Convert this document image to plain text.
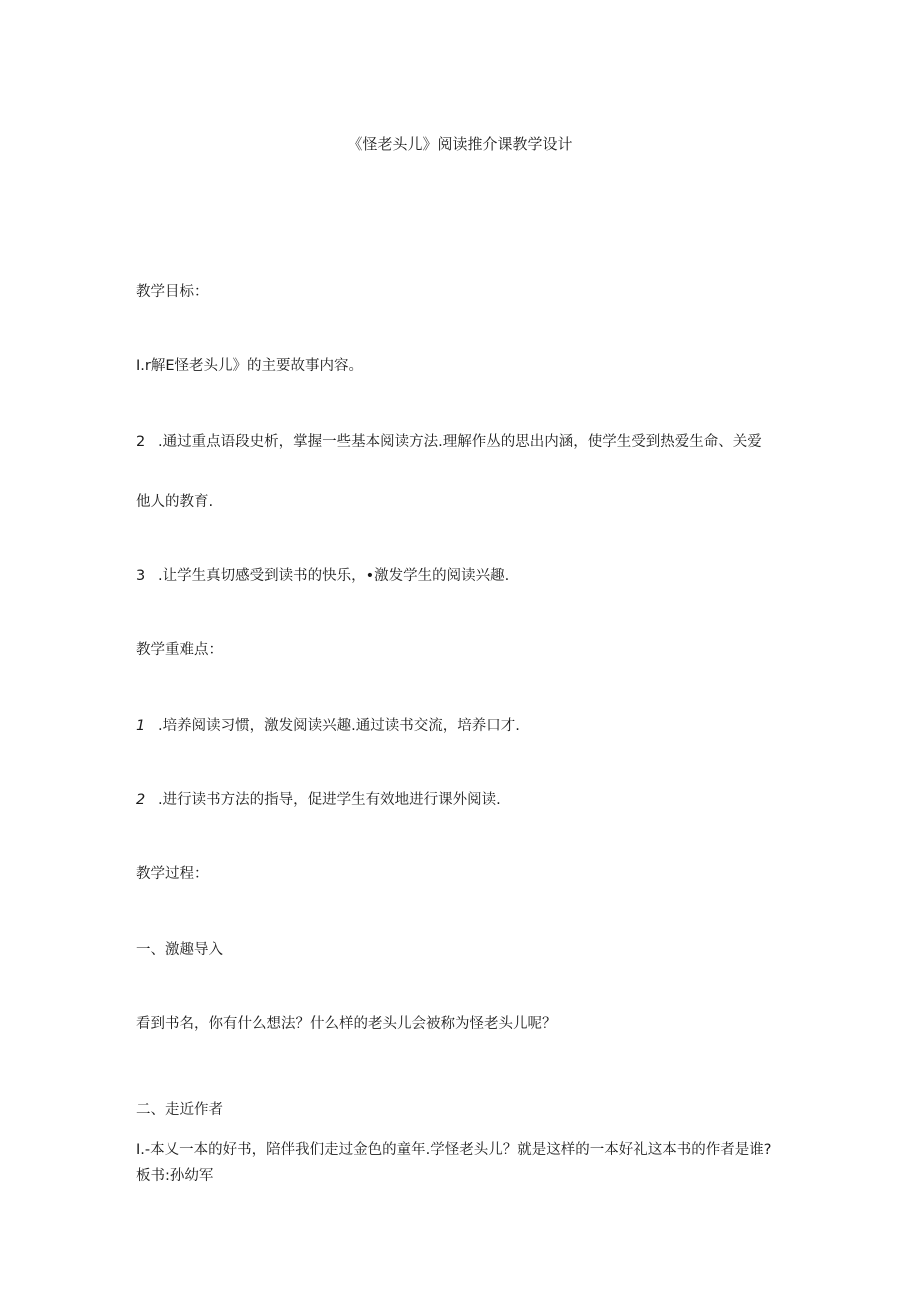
《怪老头儿》阅读推介课教学设计
教学目标：
I.r解E怪老头儿》的主要故事内容。
2 .通过重点语段史析，掌握一些基本阅读方法.理解作丛的思出内涵，使学生受到热爱生命、关爱
他人的教育.
3 .让学生真切感受到读书的快乐，•激发学生的阅读兴趣.
教学重难点：
1 .培养阅读习惯，激发阅读兴趣.通过读书交流，培养口才.
2 .进行读书方法的指导，促进学生有效地进行课外阅读.
教学过程：
一、激趣导入
看到书名，你有什么想法？什么样的老头儿会被称为怪老头儿呢？
二、走近作者
I.-本乂一本的好书，陪伴我们走过金色的童年.学怪老头儿？就是这样的一本好礼这本书的作者是谁?
板书:孙幼军
